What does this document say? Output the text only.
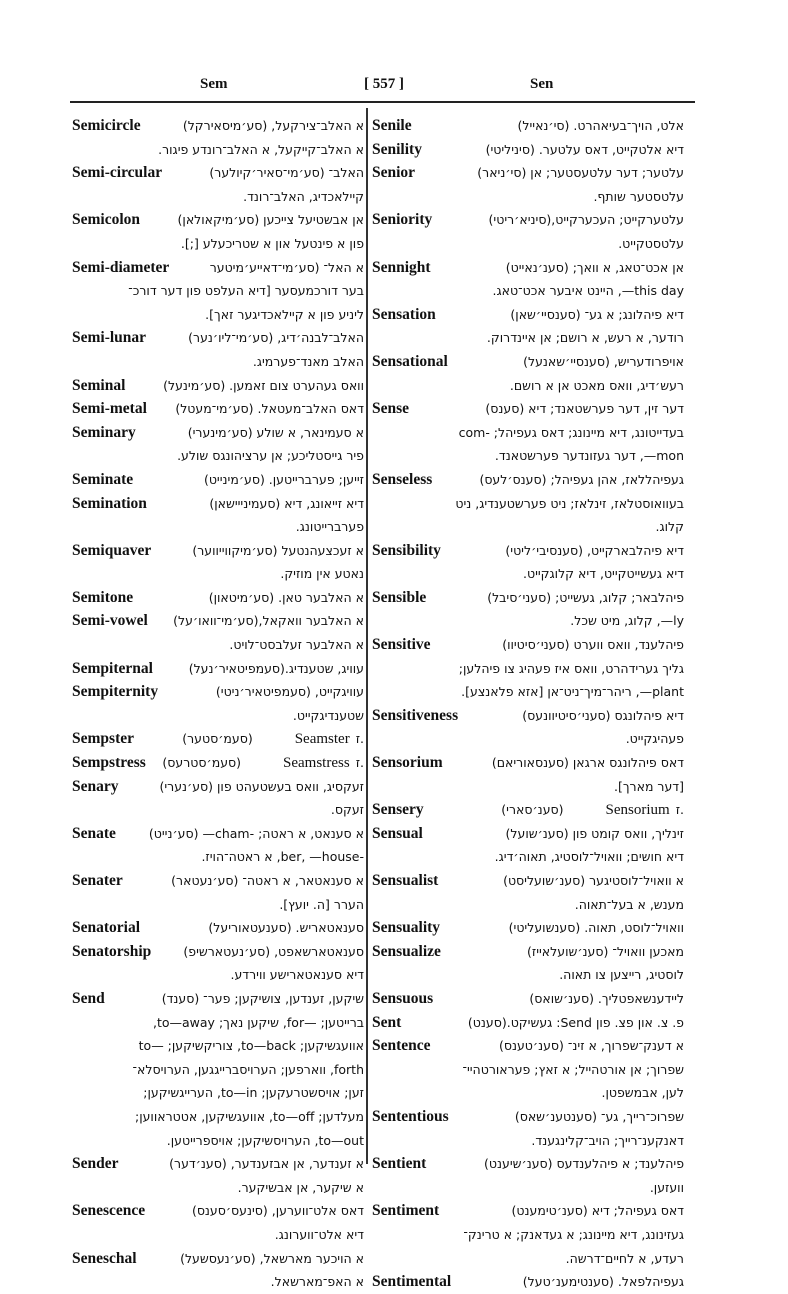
Sem	[ 557 ]	Sen
Semicircle	א האלב־צירקעל, (סע׳מיסאירקל)
א האלב־קייקעל, א האלב־רונדע פיגור.
Semi-circular	האלב־ (סע׳מי־סאיר׳קיולער)
קיילאכדיג, האלב־רונד.
Semicolon	אן אבשטיעל צייכען (סע׳מיקאולאן)
פון א פינטעל און א שטריכעלע [;].
Semi-diameter	א האל־ (סע׳מי־דאייע׳מיטער
בער דורכמעסער [דיא העלפט פון דער דורכ־
ליניע פון א קיילאכדיגער זאך].
Semi-lunar	האלב־לבנה׳דיג, (סע׳מי־ליו׳נער)
האלב מאנד־פערמיג.
Seminal	וואס געהערט צום זאמען. (סע׳מינעל)
Semi-metal דאס האלב־מעטאל. (סע׳מי־מעטל)
Seminary	א סעמינאר, א שולע (סע׳מינערי)
פיר גייסטליכע; אן ערציהונגס שולע.
Seminate	זייען; פערברייטען. (סע׳מינייט)
Semination	דיא זייאונג, דיא (סעמינייישאן)
פערברייטונג.
Semiquaver	א זעכצעהנטעל (סע׳מיקווייווער)
נאטע אין מוזיק.
Semitone	א האלבער טאן. (סע׳מיטאון)
Semi-vowel א האלבער וואקאל,(סע׳מי־וואו׳על)
א האלבער זעלבסט־לויט.
Sempiternal	עוויג, שטענדיג.(סעמפיטאיר׳נעל)
Sempiternity	עוויגקייט, (סעמפיטאיר׳ניטי)
שטענדיגקייט.
Sempster	(סעמ׳סטער)	Seamster ז.
Sempstress (סעמ׳סטרעס)	Seamstress ז.
Senary	זעקסיג, וואס בעשטעהט פון (סע׳נערי)
זעקס.
Senate	א סענאט, א ראטה; -cham— (סע׳נייט)
-ber, —house, א ראטה־הויז.
Senater	א סענאטאר, א ראטה־ (סע׳נעטאר)
הערר [ה. יועץ].
Senatorial	סענאטאריש. (סענעטאוריעל)
Senatorship	סענאטארשאפט, (סע׳נעטארשיפ)
דיא סענאטארישע ווירדע.
Send	שיקען, זענדען, צושיקען; פער־ (סענד)
ברייטען; —for, שיקען נאך; to—away,
אוועגשיקען; to—back, צוריקשיקען; —to
forth, ווארפען; הערויסברייגגען, הערויסלא־
זען; אויסשטרעקען; to—in, הערייגשיקען;
מעלדען; to—off, אוועגשיקען, אטטראווען;
to—out, הערויסשיקען; אויספרייטען.
Sender	א זענדער, אן אבזענדער, (סענ׳דער)
א שיקער, אן אבשיקער.
Senescence	דאס אלט־ווערען, (סינעס׳סענס)
דיא אלט־ווערונג.
Seneschal	א הויכער מארשאל, (סע׳נעסשעל)
א האפ־מארשאל.
Senile	אלט, הויך־בעיאהרט. (סי׳נאייל)
Senility	דיא אלטקייט, דאס עלטער. (סיניליטי)
Senior	עלטער; דער עלטעסטער; אן (סי׳ניאר)
עלטסטער שותף.
Seniority	עלטערקייט; העכערקייט,(סיניא׳ריטי)
עלטסטקייט.
Sennight	אן אכט־טאג, א וואך; (סענ׳נאייט)
this day—, היינט איבער אכט־טאג.
Sensation	דיא פיהלונג; א גע־ (סענסיי׳שאן)
רודער, א רעש, א רושם; אן איינדרוק.
Sensational	אויפרודעריש, (סענסיי׳שאנעל)
רעש׳דיג, וואס מאכט אן א רושם.
Sense	דער זין, דער פערשטאנד; דיא (סענס)
בעדייטונג, דיא מיינונג; דאס געפיהל; -com
mon—, דער געזונדער פערשטאנד.
Senseless	געפיהללאז, אהן געפיהל; (סענס׳לעס)
בעוואוסטלאז, זינלאז; ניט פערשטענדיג, ניט
קלוג.
Sensibility	דיא פיהלבארקייט, (סענסיבי׳ליטי)
דיא געשייטקייט, דיא קלוגקייט.
Sensible	פיהלבאר; קלוג, געשייט; (סעני׳סיבל)
ly—, קלוג, מיט שכל.
Sensitive	פיהלענד, וואס ווערט (סעני׳סיטיוו)
גליך גערידהרט, וואס איז פעהיג צו פיהלען;
plant—, ריהר־מיך־ניט־אן [אזא פלאנצע].
Sensitiveness	דיא פיהלונגס (סעני׳סיטיוונעס)
פעהיגקייט.
Sensorium	דאס פיהלונגס ארגאן (סענסאוריאם)
[דער מארך].
Sensery	(סענ׳סארי)	Sensorium ז.
Sensual	זינליך, וואס קומט פון (סענ׳שועל)
דיא חושים; וואויל־לוסטיג, תאוה׳דיג.
Sensualist	א וואויל־לוסטיגער (סענ׳שועליסט)
מענש, א בעל־תאוה.
Sensuality	וואויל־לוסט, תאוה. (סענשועליטי)
Sensualize	מאכען וואויל־ (סענ׳שועלאייז)
לוסטיג, רייצען צו תאוה.
Sensuous	ליידענשאפטליך. (סענ׳שואס)
Sent	פ. צ. און פצ. פון Send: געשיקט.(סענט)
Sentence	א דענק־שפרוך, א זינ־ (סענ׳טענס)
שפרוך; אן אורטהייל; א זאץ; פעראורטהיי־
לען, אבמשפטן.
Sententious	שפרוכ־רייך, גע־ (סענטענ׳שאס)
דאנקענ־רייך; הויב־קלינגענד.
Sentient	פיהלענד; א פיהלענדעס (סענ׳שיענט)
וועזען.
Sentiment	דאס געפיהל; דיא (סענ׳טימענט)
געזינונג, דיא מיינונג; א געדאנק; א טרינק־
רעדע, א לחיים־דרשה.
Sentimental	געפיהלפאל. (סענטימענ׳טעל)
